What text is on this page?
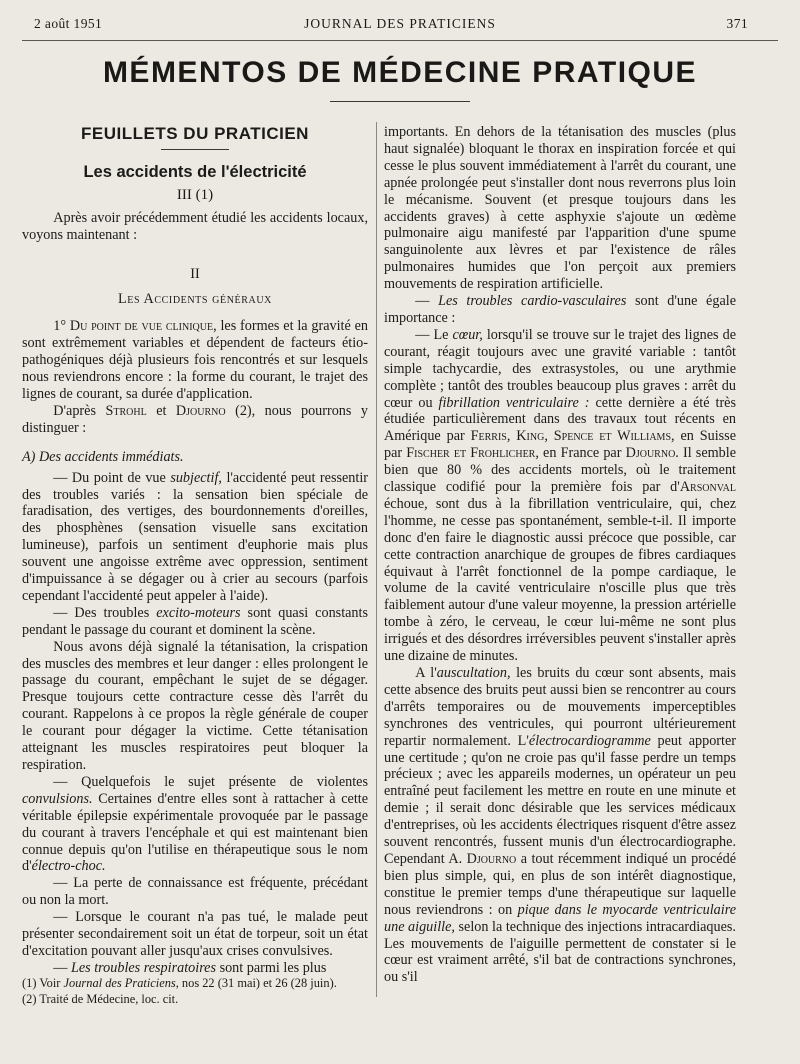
2 août 1951	JOURNAL DES PRATICIENS	371
MÉMENTOS DE MÉDECINE PRATIQUE

FEUILLETS DU PRATICIEN

Les accidents de l'électricité

III (1)

Après avoir précédemment étudié les accidents locaux, voyons maintenant :

II

Les Accidents généraux

1° Du point de vue clinique, les formes et la gravité en sont extrêmement variables et dépendent de facteurs étio-pathogéniques déjà plusieurs fois rencontrés et sur lesquels nous reviendrons encore : la forme du courant, le trajet des lignes de courant, sa durée d'application.

D'après Strohl et Djourno (2), nous pourrons y distinguer :

A) Des accidents immédiats.

— Du point de vue subjectif, l'accidenté peut ressentir des troubles variés : la sensation bien spéciale de faradisation, des vertiges, des bourdonnements d'oreilles, des phosphènes (sensation visuelle sans excitation lumineuse), parfois un sentiment d'euphorie mais plus souvent une angoisse extrême avec oppression, sentiment d'impuissance à se dégager ou à crier au secours (parfois cependant l'accidenté peut appeler à l'aide).

— Des troubles excito-moteurs sont quasi constants pendant le passage du courant et dominent la scène.

Nous avons déjà signalé la tétanisation, la crispation des muscles des membres et leur danger : elles prolongent le passage du courant, empêchant le sujet de se dégager. Presque toujours cette contracture cesse dès l'arrêt du courant. Rappelons à ce propos la règle générale de couper le courant pour dégager la victime. Cette tétanisation atteignant les muscles respiratoires peut bloquer la respiration.

— Quelquefois le sujet présente de violentes convulsions. Certaines d'entre elles sont à rattacher à cette véritable épilepsie expérimentale provoquée par le passage du courant à travers l'encéphale et qui est maintenant bien connue depuis qu'on l'utilise en thérapeutique sous le nom d'électro-choc.

— La perte de connaissance est fréquente, précédant ou non la mort.

— Lorsque le courant n'a pas tué, le malade peut présenter secondairement soit un état de torpeur, soit un état d'excitation pouvant aller jusqu'aux crises convulsives.

— Les troubles respiratoires sont parmi les plus

(1) Voir Journal des Praticiens, nos 22 (31 mai) et 26 (28 juin).

(2) Traité de Médecine, loc. cit.

importants. En dehors de la tétanisation des muscles (plus haut signalée) bloquant le thorax en inspiration forcée et qui cesse le plus souvent immédiatement à l'arrêt du courant, une apnée prolongée peut s'installer dont nous reverrons plus loin le mécanisme. Souvent (et presque toujours dans les accidents graves) à cette asphyxie s'ajoute un œdème pulmonaire aigu manifesté par l'apparition d'une spume sanguinolente aux lèvres et par l'existence de râles pulmonaires humides que l'on perçoit aux premiers mouvements de respiration artificielle.

— Les troubles cardio-vasculaires sont d'une égale importance :

— Le cœur, lorsqu'il se trouve sur le trajet des lignes de courant, réagit toujours avec une gravité variable : tantôt simple tachycardie, des extrasystoles, ou une arythmie complète ; tantôt des troubles beaucoup plus graves : arrêt du cœur ou fibrillation ventriculaire : cette dernière a été très étudiée particulièrement dans des travaux tout récents en Amérique par Ferris, King, Spence et Williams, en Suisse par Fischer et Frohlicher, en France par Djourno. Il semble bien que 80 % des accidents mortels, où le traitement classique codifié pour la première fois par d'Arsonval échoue, sont dus à la fibrillation ventriculaire, qui, chez l'homme, ne cesse pas spontanément, semble-t-il. Il importe donc d'en faire le diagnostic aussi précoce que possible, car cette contraction anarchique de groupes de fibres cardiaques équivaut à l'arrêt fonctionnel de la pompe cardiaque, le volume de la cavité ventriculaire n'oscille plus que très faiblement autour d'une valeur moyenne, la pression artérielle tombe à zéro, le cerveau, le cœur lui-même ne sont plus irrigués et des désordres irréversibles peuvent s'installer après une dizaine de minutes.

A l'auscultation, les bruits du cœur sont absents, mais cette absence des bruits peut aussi bien se rencontrer au cours d'arrêts temporaires ou de mouvements imperceptibles synchrones des ventricules, qui pourront ultérieurement repartir normalement. L'électrocardiogramme peut apporter une certitude ; qu'on ne croie pas qu'il fasse perdre un temps précieux ; avec les appareils modernes, un opérateur un peu entraîné peut facilement les mettre en route en une minute et demie ; il serait donc désirable que les services médicaux d'entreprises, où les accidents électriques risquent d'être assez souvent rencontrés, fussent munis d'un électrocardiographe. Cependant A. Djourno a tout récemment indiqué un procédé bien plus simple, qui, en plus de son intérêt diagnostique, constitue le premier temps d'une thérapeutique sur laquelle nous reviendrons : on pique dans le myocarde ventriculaire une aiguille, selon la technique des injections intracardiaques. Les mouvements de l'aiguille permettent de constater si le cœur est vraiment arrêté, s'il bat de contractions synchrones, ou s'il
